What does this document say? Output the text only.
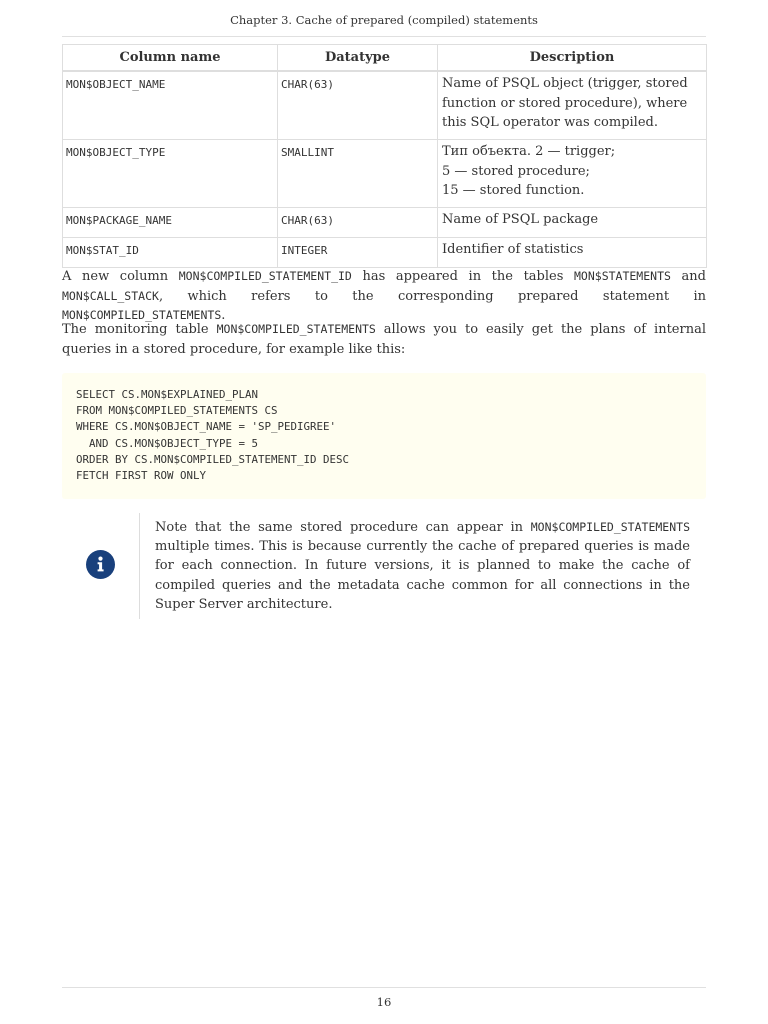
Chapter 3. Cache of prepared (compiled) statements
Column name	Datatype	Description
MON$OBJECT_NAME	CHAR(63)	Name of PSQL object (trigger, stored function or stored procedure), where this SQL operator was compiled.
MON$OBJECT_TYPE	SMALLINT	Тип объекта. 2 — trigger;
5 — stored procedure;
15 — stored function.

MON$PACKAGE_NAME	CHAR(63)	Name of PSQL package
MON$STAT_ID	INTEGER	Identifier of statistics

A new column MON$COMPILED_STATEMENT_ID has appeared in the tables MON$STATEMENTS and MON$CALL_STACK, which refers to the corresponding prepared statement in MON$COMPILED_STATEMENTS.

The monitoring table MON$COMPILED_STATEMENTS allows you to easily get the plans of internal queries in a stored procedure, for example like this:

SELECT CS.MON$EXPLAINED_PLAN
FROM MON$COMPILED_STATEMENTS CS
WHERE CS.MON$OBJECT_NAME = 'SP_PEDIGREE'
AND CS.MON$OBJECT_TYPE = 5
ORDER BY CS.MON$COMPILED_STATEMENT_ID DESC
FETCH FIRST ROW ONLY

Note that the same stored procedure can appear in MON$COMPILED_STATEMENTS multiple times. This is because currently the cache of prepared queries is made for each connection. In future versions, it is planned to make the cache of compiled queries and the metadata cache common for all connections in the Super Server architecture.

16
